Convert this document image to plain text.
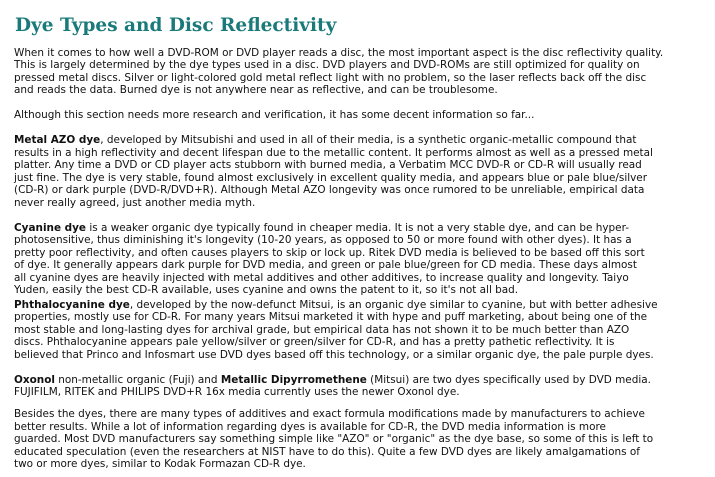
Dye Types and Disc Reflectivity
When it comes to how well a DVD-ROM or DVD player reads a disc, the most important aspect is the disc reflectivity quality.
This is largely determined by the dye types used in a disc. DVD players and DVD-ROMs are still optimized for quality on
pressed metal discs. Silver or light-colored gold metal reflect light with no problem, so the laser reflects back off the disc
and reads the data. Burned dye is not anywhere near as reflective, and can be troublesome.
Although this section needs more research and verification, it has some decent information so far...
Metal AZO dye, developed by Mitsubishi and used in all of their media, is a synthetic organic-metallic compound that
results in a high reflectivity and decent lifespan due to the metallic content. It performs almost as well as a pressed metal
platter. Any time a DVD or CD player acts stubborn with burned media, a Verbatim MCC DVD-R or CD-R will usually read
just fine. The dye is very stable, found almost exclusively in excellent quality media, and appears blue or pale blue/silver
(CD-R) or dark purple (DVD-R/DVD+R). Although Metal AZO longevity was once rumored to be unreliable, empirical data
never really agreed, just another media myth.
Cyanine dye is a weaker organic dye typically found in cheaper media. It is not a very stable dye, and can be hyper-
photosensitive, thus diminishing it's longevity (10-20 years, as opposed to 50 or more found with other dyes). It has a
pretty poor reflectivity, and often causes players to skip or lock up. Ritek DVD media is believed to be based off this sort
of dye. It generally appears dark purple for DVD media, and green or pale blue/green for CD media. These days almost
all cyanine dyes are heavily injected with metal additives and other additives, to increase quality and longevity. Taiyo
Yuden, easily the best CD-R available, uses cyanine and owns the patent to it, so it's not all bad.
Phthalocyanine dye, developed by the now-defunct Mitsui, is an organic dye similar to cyanine, but with better adhesive
properties, mostly use for CD-R. For many years Mitsui marketed it with hype and puff marketing, about being one of the
most stable and long-lasting dyes for archival grade, but empirical data has not shown it to be much better than AZO
discs. Phthalocyanine appears pale yellow/silver or green/silver for CD-R, and has a pretty pathetic reflectivity. It is
believed that Princo and Infosmart use DVD dyes based off this technology, or a similar organic dye, the pale purple dyes.
Oxonol non-metallic organic (Fuji) and Metallic Dipyrromethene (Mitsui) are two dyes specifically used by DVD media.
FUJIFILM, RITEK and PHILIPS DVD+R 16x media currently uses the newer Oxonol dye.
Besides the dyes, there are many types of additives and exact formula modifications made by manufacturers to achieve
better results. While a lot of information regarding dyes is available for CD-R, the DVD media information is more
guarded. Most DVD manufacturers say something simple like "AZO" or "organic" as the dye base, so some of this is left to
educated speculation (even the researchers at NIST have to do this). Quite a few DVD dyes are likely amalgamations of
two or more dyes, similar to Kodak Formazan CD-R dye.
